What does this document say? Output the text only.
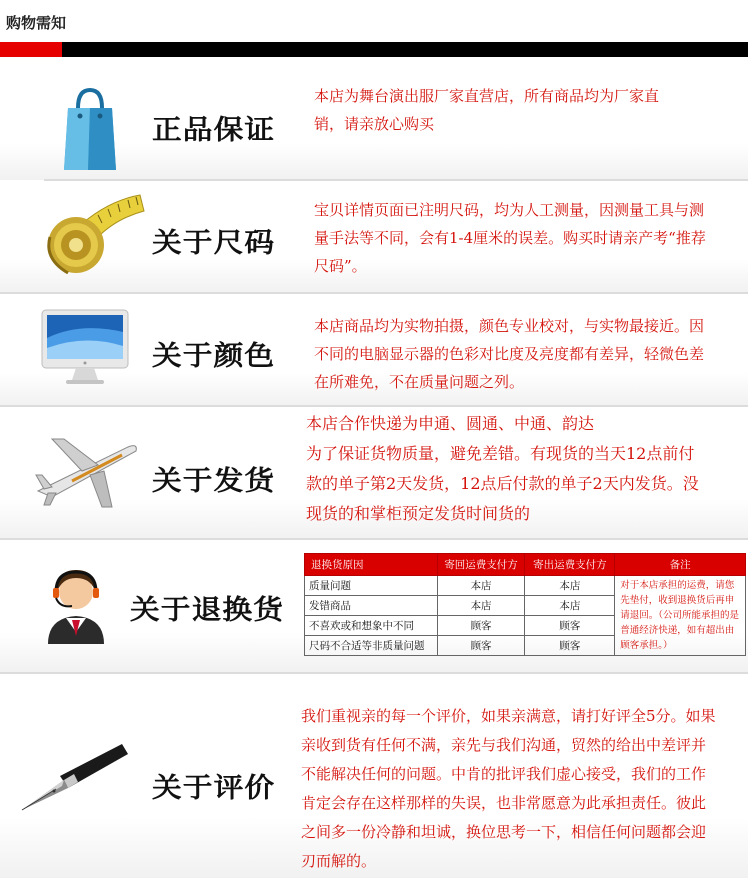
购物需知
正品保证
本店为舞台演出服厂家直营店，所有商品均为厂家直
销，请亲放心购买
关于尺码
宝贝详情页面已注明尺码，均为人工测量，因测量工具与测
量手法等不同，会有1-4厘米的误差。购买时请亲产考“推荐
尺码”。
关于颜色
本店商品均为实物拍摄，颜色专业校对，与实物最接近。因
不同的电脑显示器的色彩对比度及亮度都有差异，轻微色差
在所难免，不在质量问题之列。
关于发货
本店合作快递为申通、圆通、中通、韵达
为了保证货物质量，避免差错。有现货的当天12点前付
款的单子第2天发货，12点后付款的单子2天内发货。没
现货的和掌柜预定发货时间货的
关于退换货
退换货原因	寄回运费支付方	寄出运费支付方	备注
质量问题	本店	本店	对于本店承担的运费，请您先垫付，收到退换货后再申请退回。（公司所能承担的是普通经济快递，如有超出由顾客承担。）
发错商品	本店	本店	
不喜欢或和想象中不同	顾客	顾客	
尺码不合适等非质量问题	顾客	顾客	
关于评价
我们重视亲的每一个评价，如果亲满意，请打好评全5分。如果
亲收到货有任何不满，亲先与我们沟通，贸然的给出中差评并
不能解决任何的问题。中肯的批评我们虚心接受，我们的工作
肯定会存在这样那样的失误，也非常愿意为此承担责任。彼此
之间多一份冷静和坦诚，换位思考一下，相信任何问题都会迎
刃而解的。
